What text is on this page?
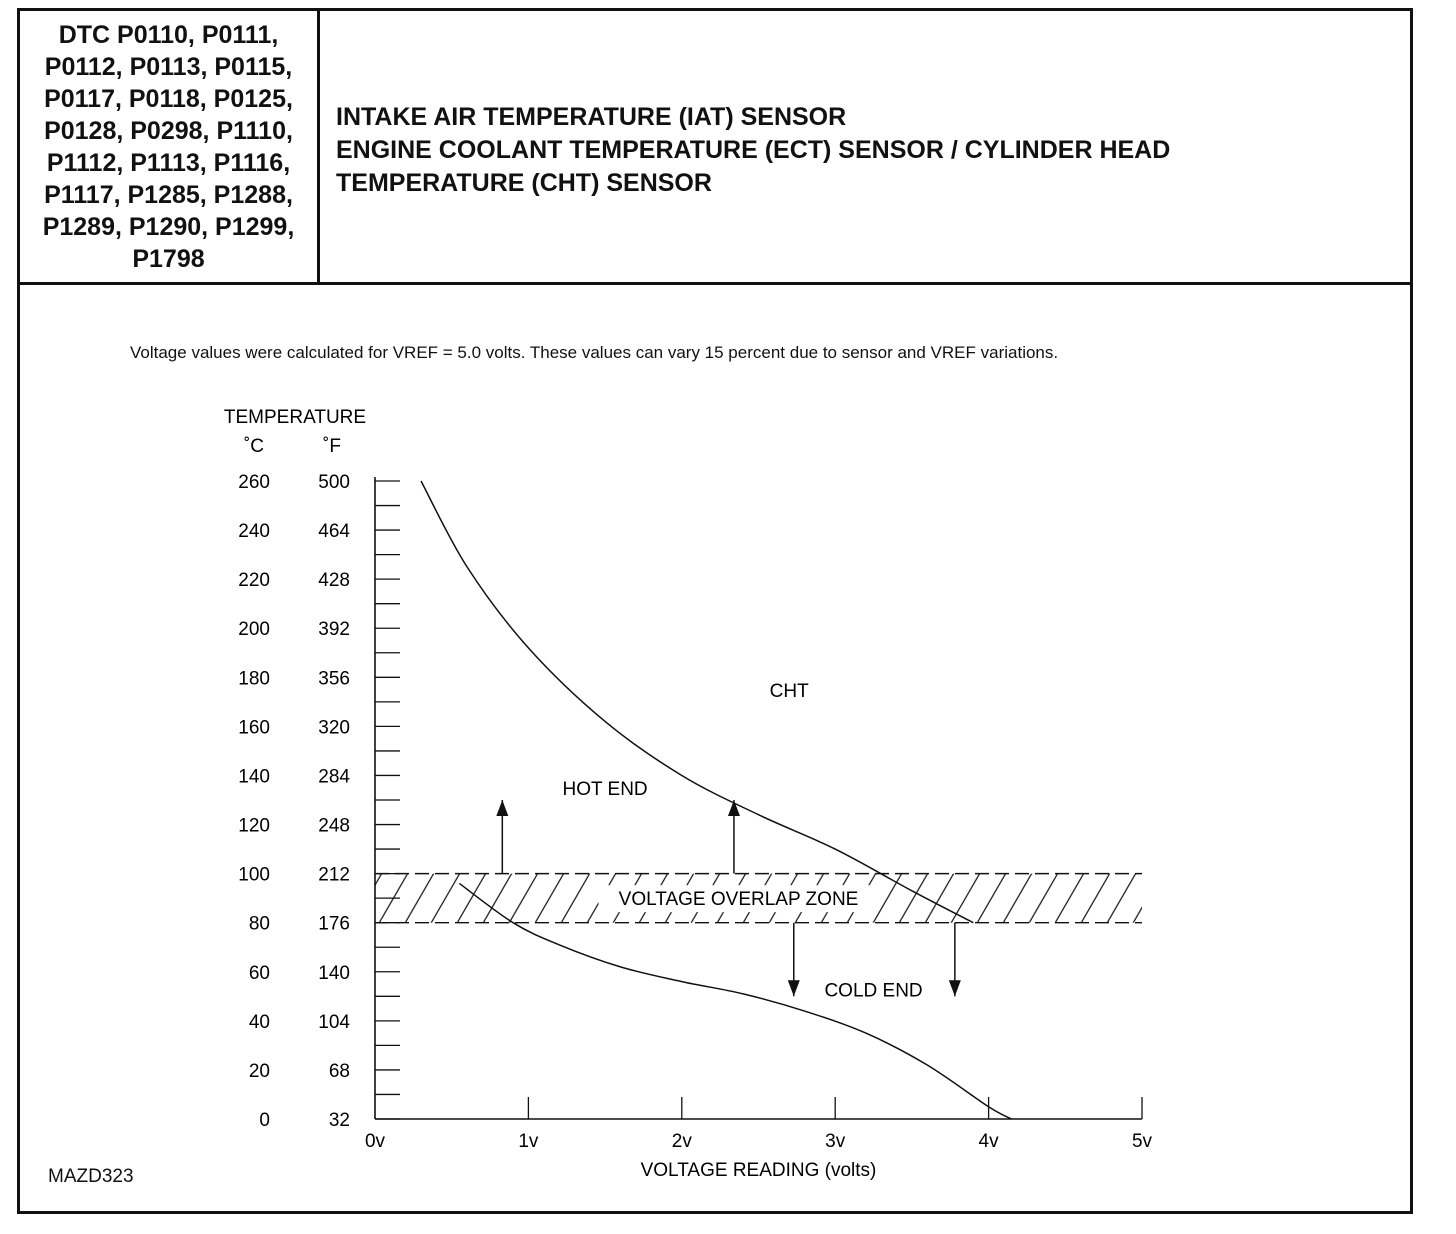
DTC P0110, P0111,
P0112, P0113, P0115,
P0117, P0118, P0125,
P0128, P0298, P1110,
P1112, P1113, P1116,
P1117, P1285, P1288,
P1289, P1290, P1299,
P1798
INTAKE AIR TEMPERATURE (IAT) SENSOR
ENGINE COOLANT TEMPERATURE (ECT) SENSOR / CYLINDER HEAD
TEMPERATURE (CHT) SENSOR
Voltage values were calculated for VREF = 5.0 volts. These values can vary 15 percent due to sensor and VREF variations.
MAZD323
0	32
20	68
40	104
60	140
80	176
100	212
120	248
140	284
160	320
180	356
200	392
220	428
240	464
260	500
TEMPERATURE
˚C	˚F
0v	1v	2v	3v	4v	5v
VOLTAGE READING (volts)
VOLTAGE OVERLAP ZONE
CHT
HOT END
COLD END
